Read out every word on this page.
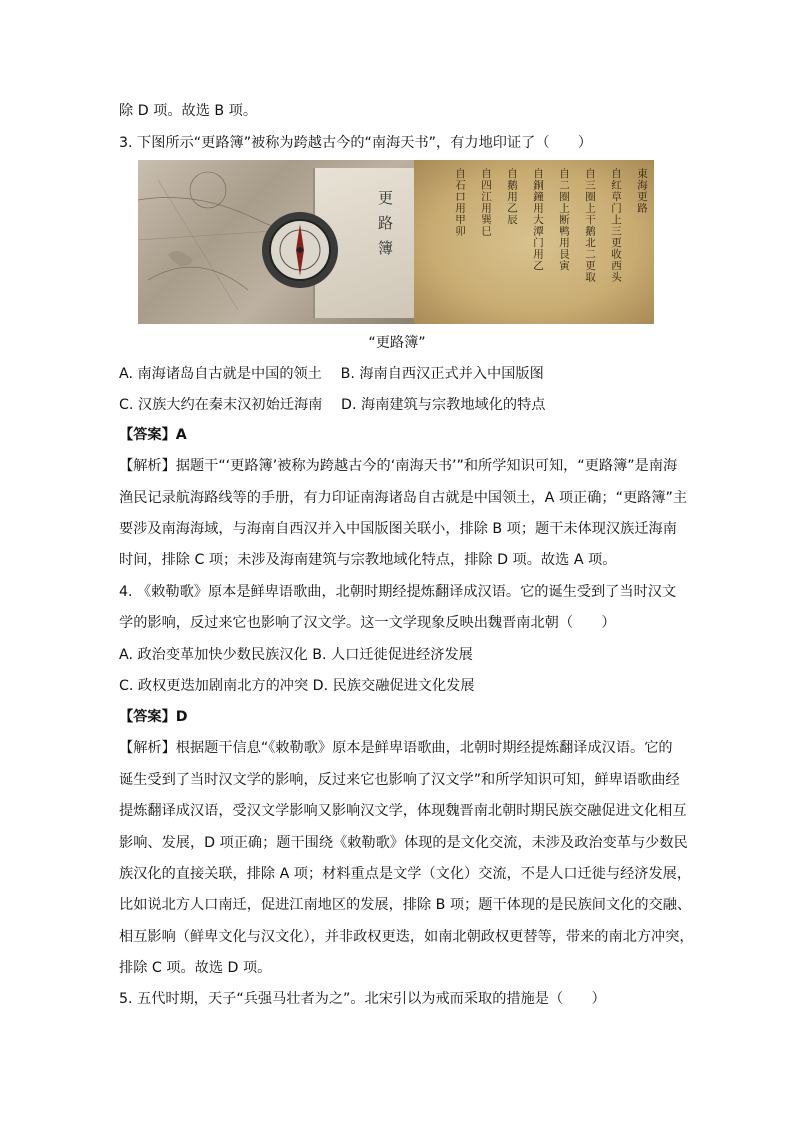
除 D 项。故选 B 项。
3. 下图所示“更路簿”被称为跨越古今的“南海天书”，有力地印证了（　　）
更路簿	東海更路
自红草门上三更收西头
自三圈上干鹅北二更取
自二圈上断鸭用艮寅
自銅鐘用大潭门用乙
自鹅用乙辰
自四江用巽巳
自石口用甲卯
“更路簿”
A. 南海诸岛自古就是中国的领土　 B. 海南自西汉正式并入中国版图
C. 汉族大约在秦末汉初始迁海南　 D. 海南建筑与宗教地域化的特点
【答案】A
【解析】据题干“‘更路簿’被称为跨越古今的‘南海天书’”和所学知识可知，“更路簿”是南海
渔民记录航海路线等的手册，有力印证南海诸岛自古就是中国领土，A 项正确；“更路簿”主
要涉及南海海域，与海南自西汉并入中国版图关联小，排除 B 项；题干未体现汉族迁海南
时间，排除 C 项；未涉及海南建筑与宗教地域化特点，排除 D 项。故选 A 项。
4. 《敕勒歌》原本是鲜卑语歌曲，北朝时期经提炼翻译成汉语。它的诞生受到了当时汉文
学的影响，反过来它也影响了汉文学。这一文学现象反映出魏晋南北朝（　　）
A. 政治变革加快少数民族汉化 B. 人口迁徙促进经济发展
C. 政权更迭加剧南北方的冲突 D. 民族交融促进文化发展
【答案】D
【解析】根据题干信息“《敕勒歌》原本是鲜卑语歌曲，北朝时期经提炼翻译成汉语。它的
诞生受到了当时汉文学的影响，反过来它也影响了汉文学”和所学知识可知，鲜卑语歌曲经
提炼翻译成汉语，受汉文学影响又影响汉文学，体现魏晋南北朝时期民族交融促进文化相互
影响、发展，D 项正确；题干围绕《敕勒歌》体现的是文化交流，未涉及政治变革与少数民
族汉化的直接关联，排除 A 项；材料重点是文学（文化）交流，不是人口迁徙与经济发展，
比如说北方人口南迁，促进江南地区的发展，排除 B 项；题干体现的是民族间文化的交融、
相互影响（鲜卑文化与汉文化），并非政权更迭，如南北朝政权更替等，带来的南北方冲突，
排除 C 项。故选 D 项。
5. 五代时期，天子“兵强马壮者为之”。北宋引以为戒而采取的措施是（　　）
